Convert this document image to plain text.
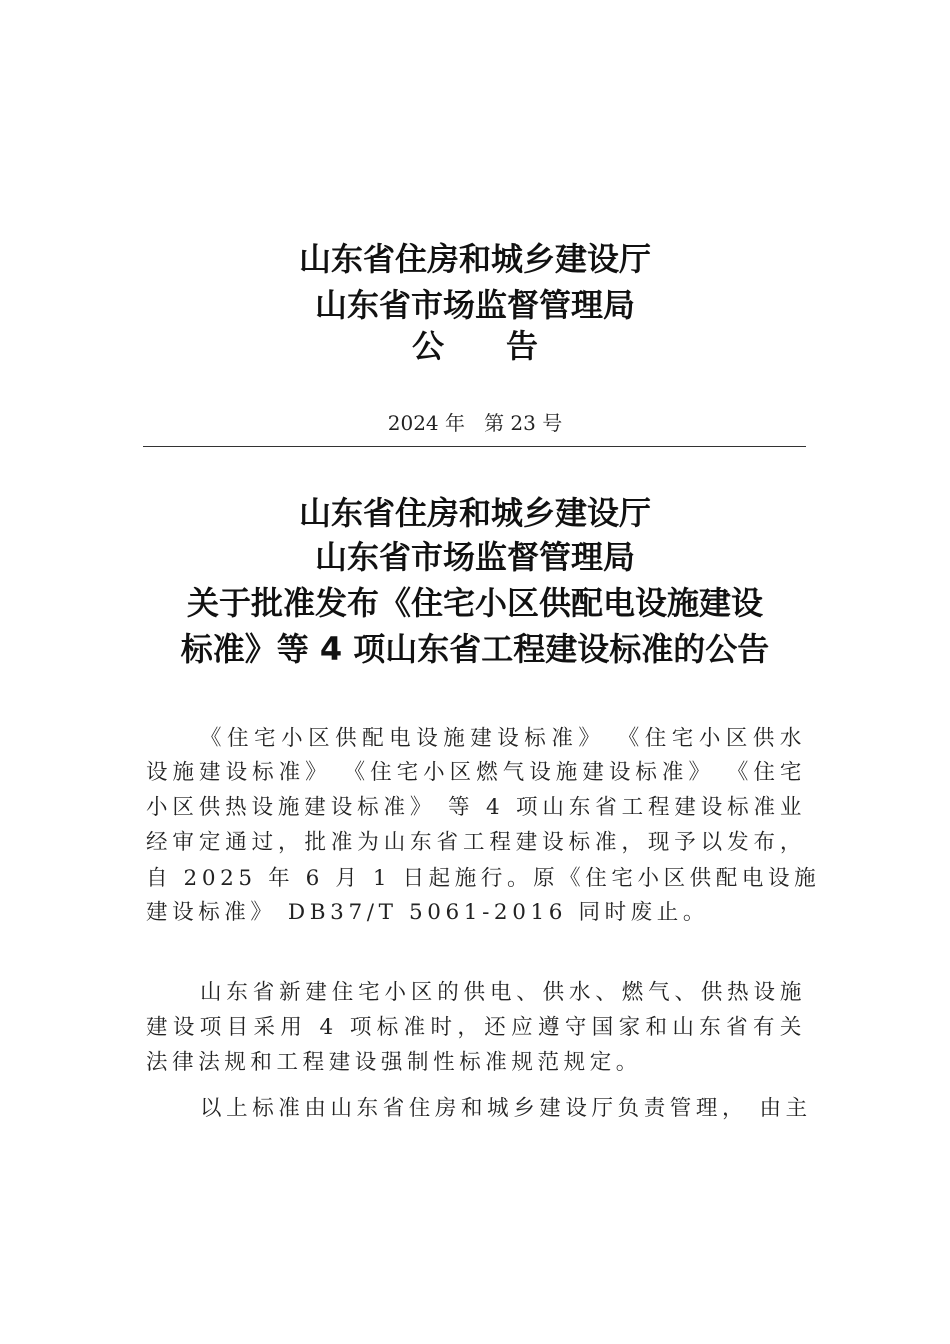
山东省住房和城乡建设厅
山东省市场监督管理局
公 告
2024 年   第 23 号
山东省住房和城乡建设厅
山东省市场监督管理局
关于批准发布《住宅小区供配电设施建设
标准》等 4 项山东省工程建设标准的公告
《住宅小区供配电设施建设标准》 《住宅小区供水
设施建设标准》 《住宅小区燃气设施建设标准》 《住宅
小区供热设施建设标准》 等 4 项山东省工程建设标准业
经审定通过，批准为山东省工程建设标准，现予以发布，
自 2025 年 6 月 1 日起施行。原《住宅小区供配电设施
建设标准》 DB37/T 5061-2016 同时废止。
山东省新建住宅小区的供电、供水、燃气、供热设施
建设项目采用 4 项标准时，还应遵守国家和山东省有关
法律法规和工程建设强制性标准规范规定。
以上标准由山东省住房和城乡建设厅负责管理， 由主
